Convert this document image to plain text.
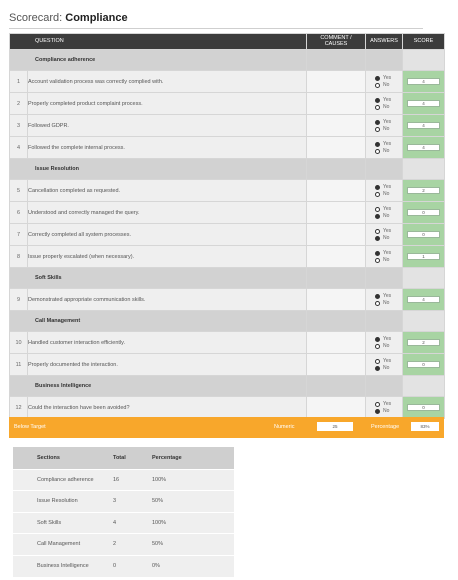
Scorecard: Compliance
QUESTION		COMMENT /
CAUSES	ANSWERS	SCORE
Compliance adherence				
1	Account validation process was correctly complied with.		Yes
No	4
2	Properly completed product complaint process.		Yes
No	4
3	Followed GDPR.		Yes
No	4
4	Followed the complete internal process.		Yes
No	4
Issue Resolution				
5	Cancellation completed as requested.		Yes
No	2
6	Understood and correctly managed the query.		Yes
No	0
7	Correctly completed all system processes.		Yes
No	0
8	Issue properly escalated (when necessary).		Yes
No	1
Soft Skills				
9	Demonstrated appropriate communication skills.		Yes
No	4
Call Management				
10	Handled customer interaction efficiently.		Yes
No	2
11	Properly documented the interaction.		Yes
No	0
Business Intelligence				
12	Could the interaction have been avoided?		Yes
No	0
Below Target	Numeric	25	Percentage	83%
Sections	Total	Percentage
Compliance adherence	16	100%
Issue Resolution	3	50%
Soft Skills	4	100%
Call Management	2	50%
Business Intelligence	0	0%
